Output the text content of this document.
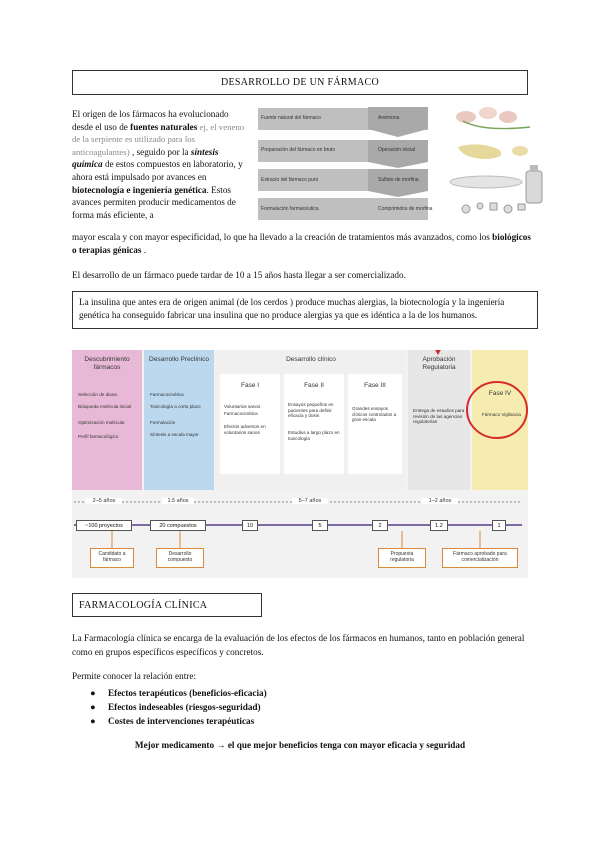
DESARROLLO DE UN FÁRMACO
El origen de los fármacos ha evolucionado desde el uso de fuentes naturales ej, el veneno de la serpiente es utilizado para los anticoagulantes) , seguido por la síntesis química de estos compuestos en laboratorio, y ahora está impulsado por avances en biotecnología e ingeniería genética. Estos avances permiten producir medicamentos de forma más eficiente, a
Fuente natural del fármaco	Anémona
Preparación del fármaco en bruto	Operación inicial
Extracto del fármaco puro	Sulfato de morfina
Formulación farmacéutica	Comprimidos de morfina
mayor escala y con mayor especificidad, lo que ha llevado a la creación de tratamientos más avanzados, como los biológicos o terapias génicas .
El desarrollo de un fármaco puede tardar de 10 a 15 años hasta llegar a ser comercializado.
La insulina que antes era de origen animal (de los cerdos ) produce muchas alergias, la biotecnología y la ingeniería genética ha conseguido fabricar una insulina que no produce alergias ya que es idéntica a la de los humanos.
Descubrimiento fármacos
Selección de diana
Búsqueda molécula inicial
Optimización molécula
Perfil farmacológico
Desarrollo Preclínico
Farmacocinética
Toxicología a corto plazo
Formulación
Síntesis a escala mayor
Desarrollo clínico
Fase I
Voluntarios sanos
Farmacocinética
Efectos adversos en voluntarios sanos
Fase II
Ensayos pequeños en pacientes para definir eficacia y dosis
Estudios a largo plazo en toxicología
Fase III
Grandes ensayos clínicos controlados a gran escala
Aprobación Regulatoria
Entrega de estudios para revisión de las agencias regulatorias
Fase IV
Fármaco Vigilancia
2–5 años	1.5 años	5–7 años	1–2 años
~100 proyectos	20 compuestos	10	5	2	1.2	1
Candidato a fármaco
Desarrollo compuesto
Propuesta regulatoria
Fármaco aprobado para comercialización
FARMACOLOGÍA CLÍNICA
La Farmacología clínica se encarga de la evaluación de los efectos de los fármacos en humanos, tanto en población general como en grupos específicos específicos y concretos.
Permite conocer la relación entre:
● Efectos terapéuticos (beneficios-eficacia)
● Efectos indeseables (riesgos-seguridad)
● Costes de intervenciones terapéuticas
Mejor medicamento → el que mejor beneficios tenga con mayor eficacia y seguridad
